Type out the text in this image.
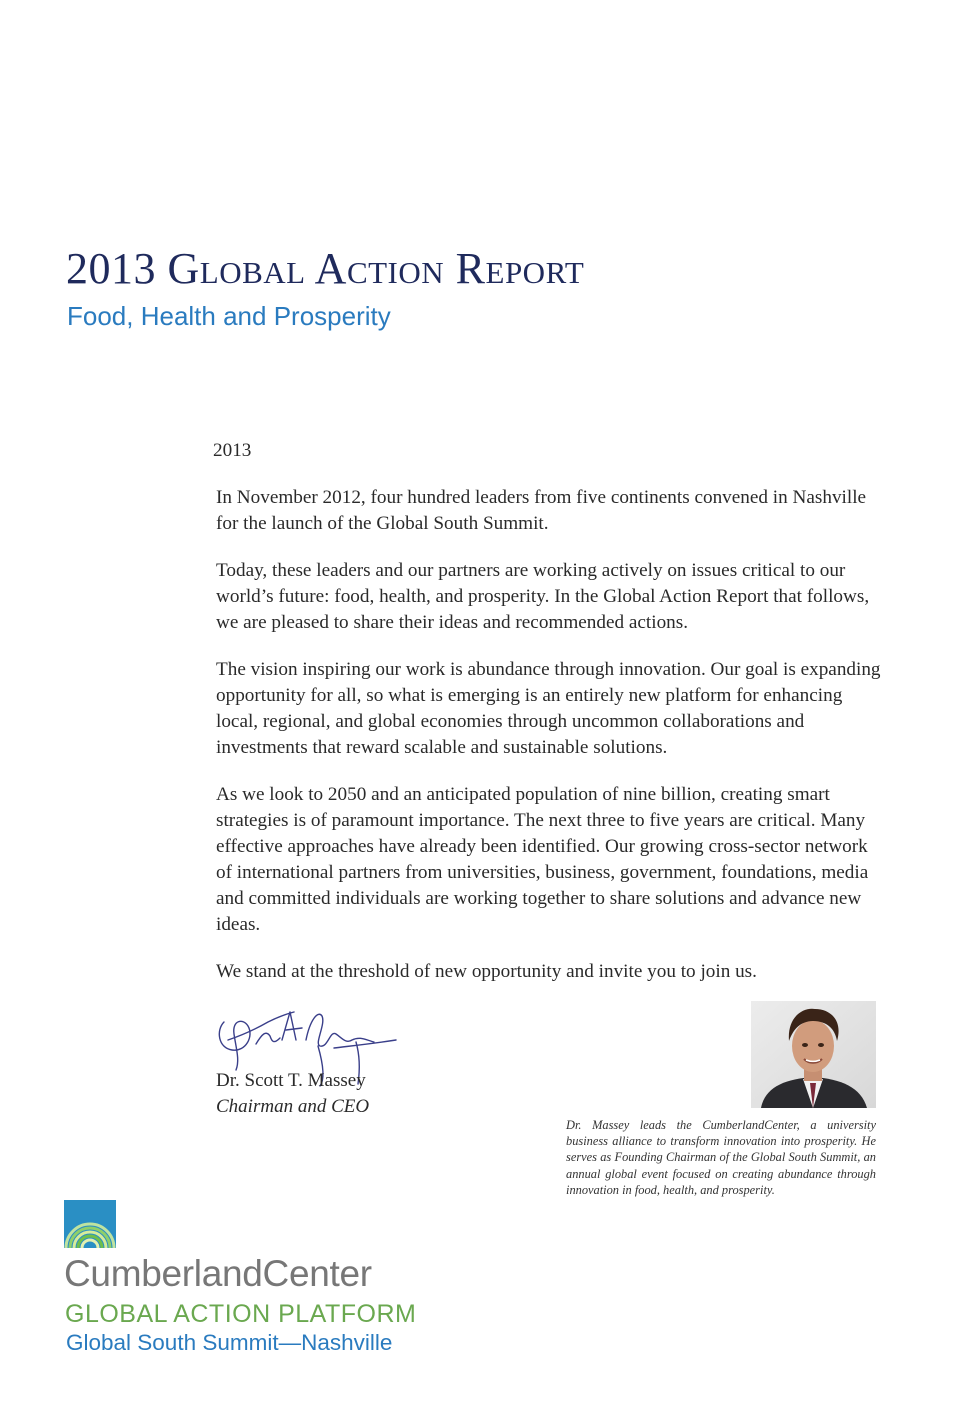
2013 Global Action Report
Food, Health and Prosperity
2013

In November 2012, four hundred leaders from five continents convened in Nashville for the launch of the Global South Summit.

Today, these leaders and our partners are working actively on issues critical to our world’s future: food, health, and prosperity. In the Global Action Report that follows, we are pleased to share their ideas and recommended actions.

The vision inspiring our work is abundance through innovation. Our goal is expanding opportunity for all, so what is emerging is an entirely new platform for enhancing local, regional, and global economies through uncommon collaborations and investments that reward scalable and sustainable solutions.

As we look to 2050 and an anticipated population of nine billion, creating smart strategies is of paramount importance. The next three to five years are critical. Many effective approaches have already been identified. Our growing cross-sector network of international partners from universities, business, government, foundations, media and committed individuals are working together to share solutions and advance new ideas.

We stand at the threshold of new opportunity and invite you to join us.

Dr. Scott T. Massey
Chairman and CEO

Dr. Massey leads the CumberlandCenter, a university business alliance to transform innovation into prosperity. He serves as Founding Chairman of the Global South Summit, an annual global event focused on creating abundance through innovation in food, health, and prosperity.

CumberlandCenter

GLOBAL ACTION PLATFORM

Global South Summit—Nashville
